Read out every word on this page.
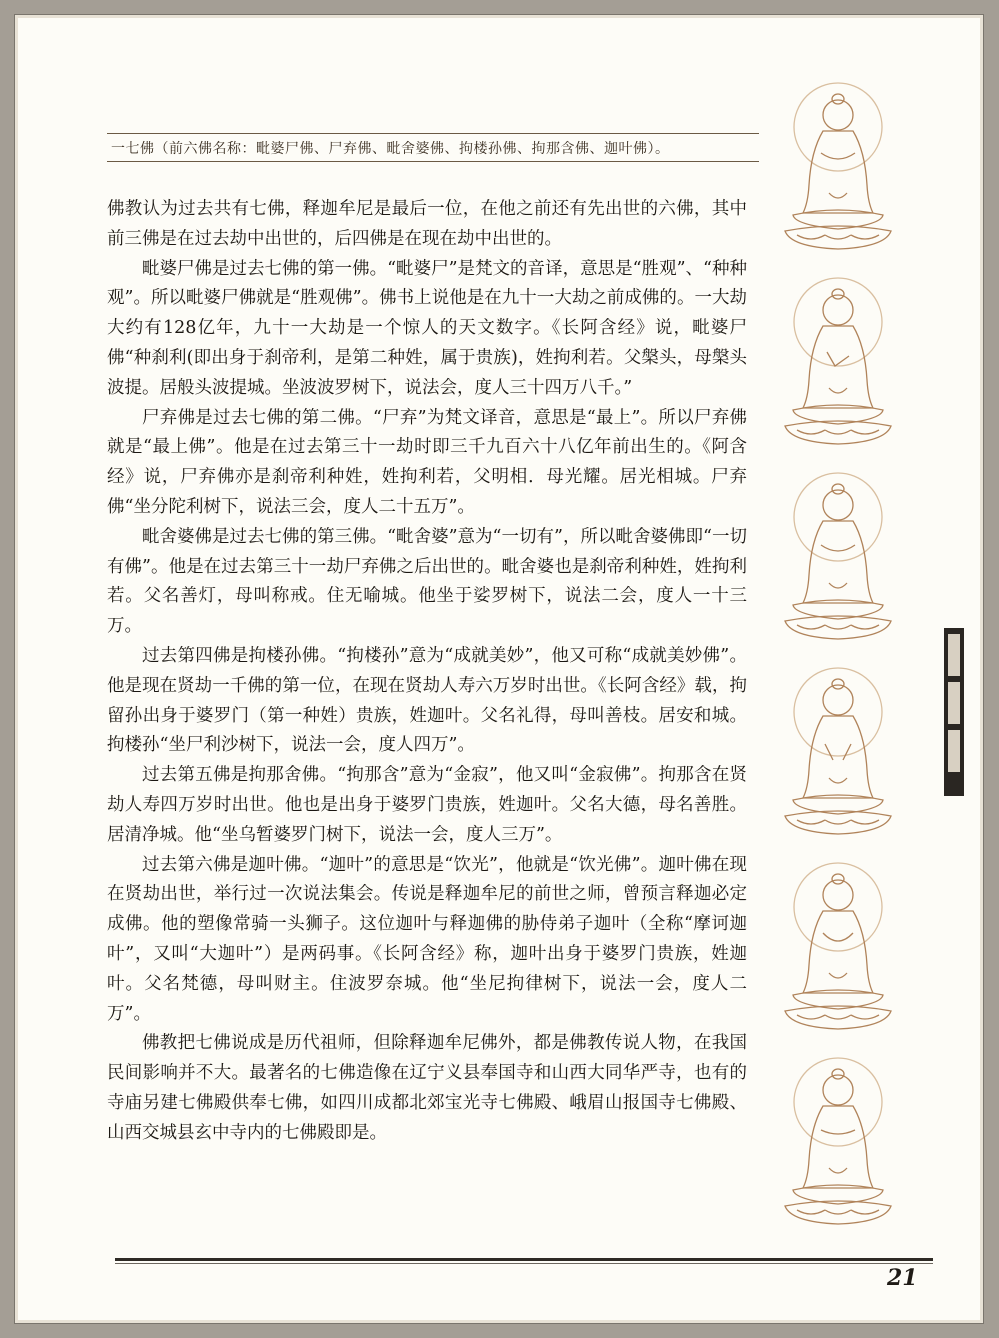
一七佛（前六佛名称：毗婆尸佛、尸弃佛、毗舍婆佛、拘楼孙佛、拘那含佛、迦叶佛）。

佛教认为过去共有七佛，释迦牟尼是最后一位，在他之前还有先出世的六佛，其中前三佛是在过去劫中出世的，后四佛是在现在劫中出世的。

毗婆尸佛是过去七佛的第一佛。“毗婆尸”是梵文的音译，意思是“胜观”、“种种观”。所以毗婆尸佛就是“胜观佛”。佛书上说他是在九十一大劫之前成佛的。一大劫大约有128亿年，九十一大劫是一个惊人的天文数字。《长阿含经》说，毗婆尸佛“种刹利(即出身于刹帝利，是第二种姓，属于贵族)，姓拘利若。父槃头，母槃头波提。居般头波提城。坐波波罗树下，说法会，度人三十四万八千。”

尸弃佛是过去七佛的第二佛。“尸弃”为梵文译音，意思是“最上”。所以尸弃佛就是“最上佛”。他是在过去第三十一劫时即三千九百六十八亿年前出生的。《阿含经》说，尸弃佛亦是刹帝利种姓，姓拘利若，父明相．母光耀。居光相城。尸弃佛“坐分陀利树下，说法三会，度人二十五万”。

毗舍婆佛是过去七佛的第三佛。“毗舍婆”意为“一切有”，所以毗舍婆佛即“一切有佛”。他是在过去第三十一劫尸弃佛之后出世的。毗舍婆也是刹帝利种姓，姓拘利若。父名善灯，母叫称戒。住无喻城。他坐于娑罗树下，说法二会，度人一十三万。

过去第四佛是拘楼孙佛。“拘楼孙”意为“成就美妙”，他又可称“成就美妙佛”。他是现在贤劫一千佛的第一位，在现在贤劫人寿六万岁时出世。《长阿含经》载，拘留孙出身于婆罗门（第一种姓）贵族，姓迦叶。父名礼得，母叫善枝。居安和城。拘楼孙“坐尸利沙树下，说法一会，度人四万”。

过去第五佛是拘那舍佛。“拘那含”意为“金寂”，他又叫“金寂佛”。拘那含在贤劫人寿四万岁时出世。他也是出身于婆罗门贵族，姓迦叶。父名大德，母名善胜。居清净城。他“坐乌暂婆罗门树下，说法一会，度人三万”。

过去第六佛是迦叶佛。“迦叶”的意思是“饮光”，他就是“饮光佛”。迦叶佛在现在贤劫出世，举行过一次说法集会。传说是释迦牟尼的前世之师，曾预言释迦必定成佛。他的塑像常骑一头狮子。这位迦叶与释迦佛的胁侍弟子迦叶（全称“摩诃迦叶”，又叫“大迦叶”）是两码事。《长阿含经》称，迦叶出身于婆罗门贵族，姓迦叶。父名梵德，母叫财主。住波罗奈城。他“坐尼拘律树下，说法一会，度人二万”。

佛教把七佛说成是历代祖师，但除释迦牟尼佛外，都是佛教传说人物，在我国民间影响并不大。最著名的七佛造像在辽宁义县奉国寺和山西大同华严寺，也有的寺庙另建七佛殿供奉七佛，如四川成都北郊宝光寺七佛殿、峨眉山报国寺七佛殿、山西交城县玄中寺内的七佛殿即是。

21
